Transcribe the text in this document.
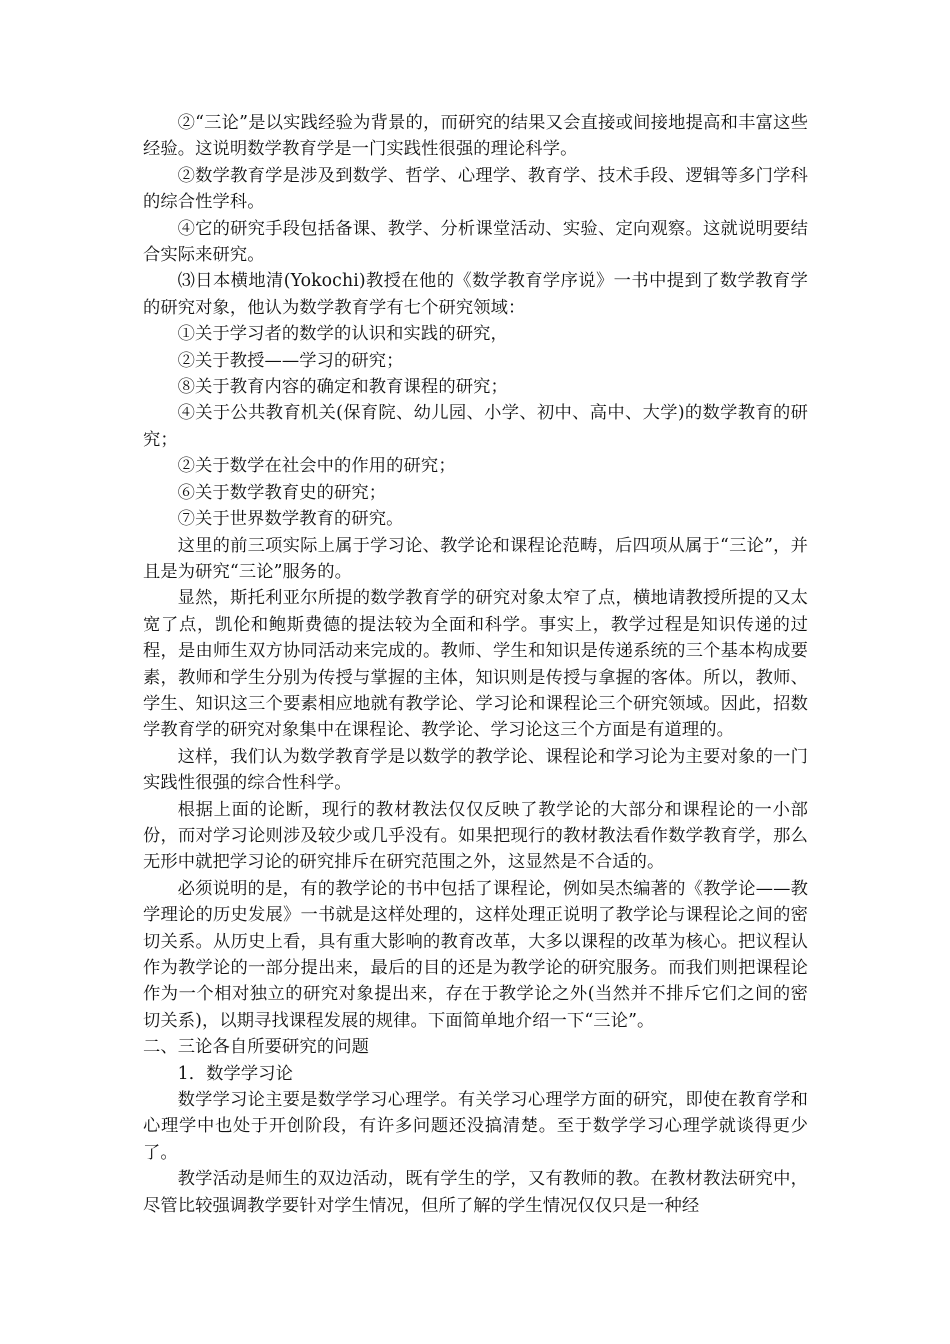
②“三论”是以实践经验为背景的，而研究的结果又会直接或间接地提高和丰富这些经验。这说明数学教育学是一门实践性很强的理论科学。

②数学教育学是涉及到数学、哲学、心理学、教育学、技术手段、逻辑等多门学科的综合性学科。

④它的研究手段包括备课、教学、分析课堂活动、实验、定向观察。这就说明要结合实际来研究。

⑶日本横地清(Yokochi)教授在他的《数学教育学序说》一书中提到了数学教育学的研究对象，他认为数学教育学有七个研究领域：

①关于学习者的数学的认识和实践的研究，

②关于教授——学习的研究；

⑧关于教育内容的确定和教育课程的研究；

④关于公共教育机关(保育院、幼儿园、小学、初中、高中、大学)的数学教育的研究；

②关于数学在社会中的作用的研究；

⑥关于数学教育史的研究；

⑦关于世界数学教育的研究。

这里的前三项实际上属于学习论、教学论和课程论范畴，后四项从属于“三论”，并且是为研究“三论”服务的。

显然，斯托利亚尔所提的数学教育学的研究对象太窄了点，横地请教授所提的又太宽了点，凯伦和鲍斯费德的提法较为全面和科学。事实上，教学过程是知识传递的过程，是由师生双方协同活动来完成的。教师、学生和知识是传递系统的三个基本构成要素，教师和学生分别为传授与掌握的主体，知识则是传授与拿握的客体。所以，教师、学生、知识这三个要素相应地就有教学论、学习论和课程论三个研究领域。因此，招数学教育学的研究对象集中在课程论、教学论、学习论这三个方面是有道理的。

这样，我们认为数学教育学是以数学的教学论、课程论和学习论为主要对象的一门实践性很强的综合性科学。

根据上面的论断，现行的教材教法仅仅反映了教学论的大部分和课程论的一小部份，而对学习论则涉及较少或几乎没有。如果把现行的教材教法看作数学教育学，那么无形中就把学习论的研究排斥在研究范围之外，这显然是不合适的。

必须说明的是，有的教学论的书中包括了课程论，例如吴杰编著的《教学论——教学理论的历史发展》一书就是这样处理的，这样处理正说明了教学论与课程论之间的密切关系。从历史上看，具有重大影响的教育改革，大多以课程的改革为核心。把议程认作为教学论的一部分提出来，最后的目的还是为教学论的研究服务。而我们则把课程论作为一个相对独立的研究对象提出来，存在于教学论之外(当然并不排斥它们之间的密切关系)，以期寻找课程发展的规律。下面简单地介绍一下“三论”。

二、三论各自所要研究的问题

1．数学学习论

数学学习论主要是数学学习心理学。有关学习心理学方面的研究，即使在教育学和心理学中也处于开创阶段，有许多问题还没搞清楚。至于数学学习心理学就谈得更少了。

教学活动是师生的双边活动，既有学生的学，又有教师的教。在教材教法研究中，尽管比较强调教学要针对学生情况，但所了解的学生情况仅仅只是一种经
